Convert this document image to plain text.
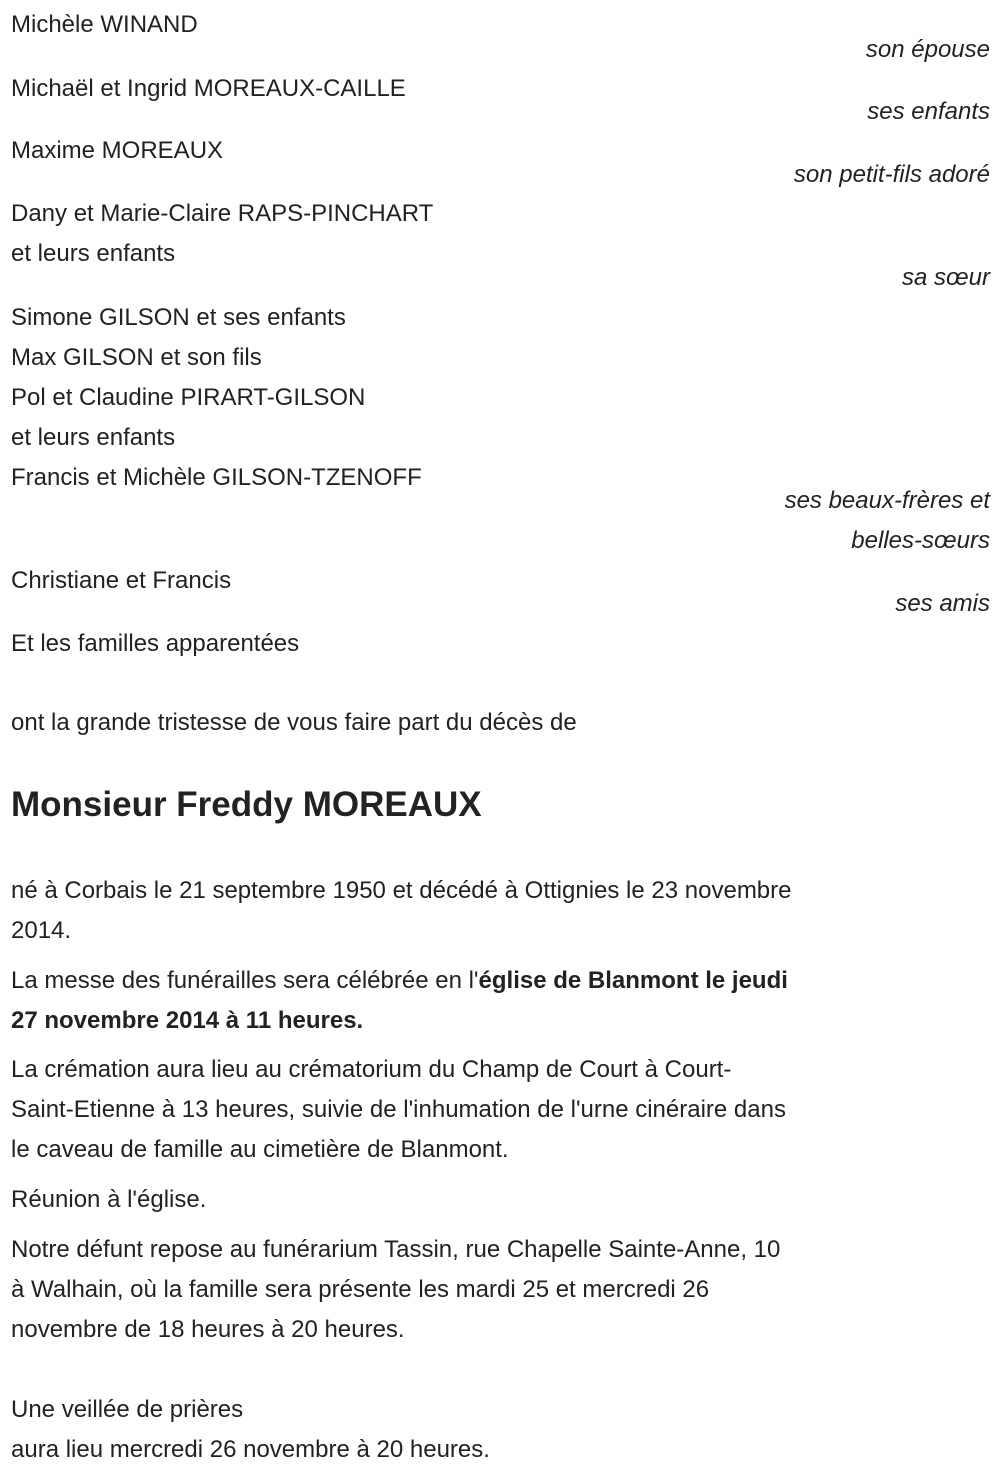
Michèle WINAND
son épouse
Michaël et Ingrid MOREAUX-CAILLE
ses enfants
Maxime MOREAUX
son petit-fils adoré
Dany et Marie-Claire RAPS-PINCHART
et leurs enfants
sa sœur
Simone GILSON et ses enfants
Max GILSON et son fils
Pol et Claudine PIRART-GILSON
et leurs enfants
Francis et Michèle GILSON-TZENOFF
ses beaux-frères et
belles-sœurs
Christiane et Francis
ses amis
Et les familles apparentées
ont la grande tristesse de vous faire part du décès de
Monsieur Freddy MOREAUX
né à Corbais le 21 septembre 1950 et décédé à Ottignies le 23 novembre
2014.
La messe des funérailles sera célébrée en l'église de Blanmont le jeudi
27 novembre 2014 à 11 heures.
La crémation aura lieu au crématorium du Champ de Court à Court-
Saint-Etienne à 13 heures, suivie de l'inhumation de l'urne cinéraire dans
le caveau de famille au cimetière de Blanmont.
Réunion à l'église.
Notre défunt repose au funérarium Tassin, rue Chapelle Sainte-Anne, 10
à Walhain, où la famille sera présente les mardi 25 et mercredi 26
novembre de 18 heures à 20 heures.
Une veillée de prières
aura lieu mercredi 26 novembre à 20 heures.
